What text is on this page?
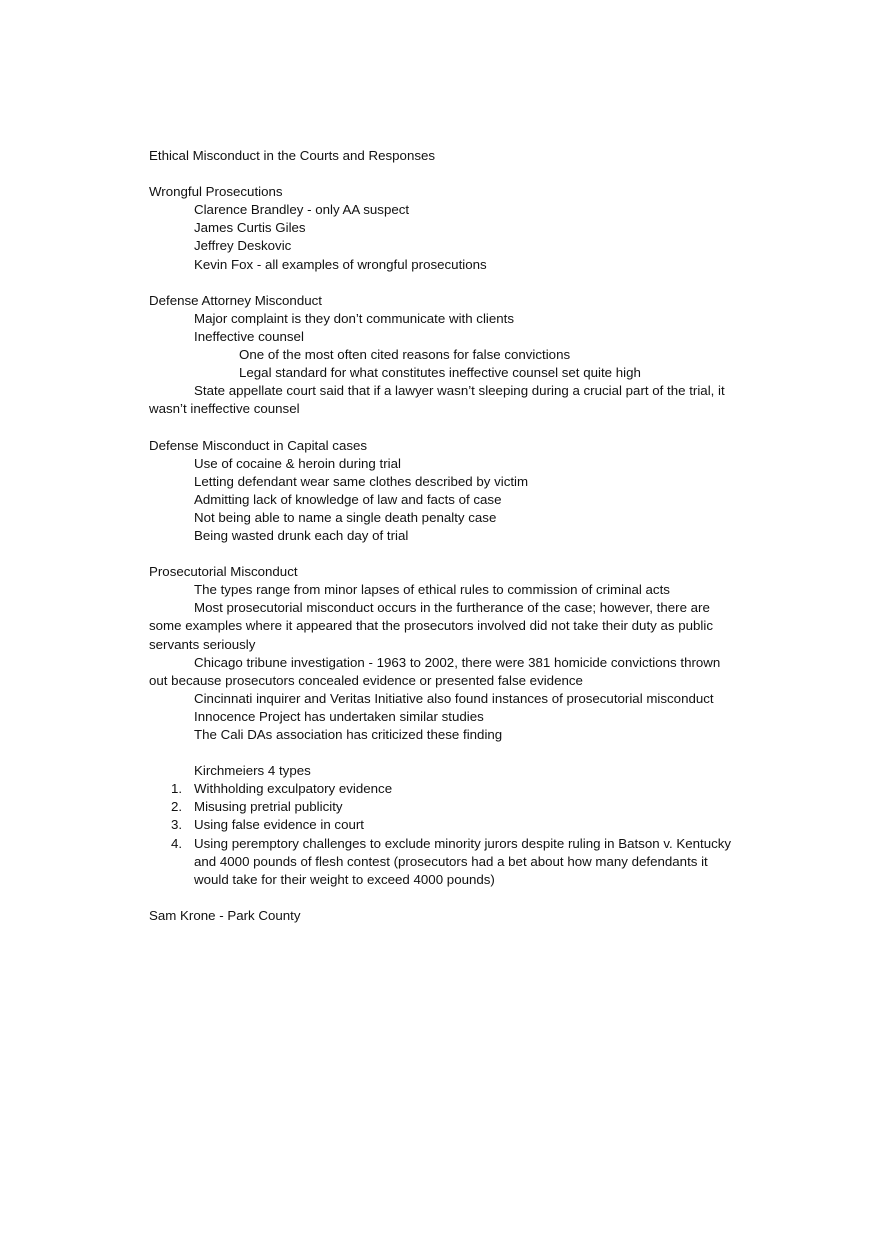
Ethical Misconduct in the Courts and Responses
Wrongful Prosecutions
Clarence Brandley - only AA suspect
James Curtis Giles
Jeffrey Deskovic
Kevin Fox - all examples of wrongful prosecutions
Defense Attorney Misconduct
Major complaint is they don’t communicate with clients
Ineffective counsel
One of the most often cited reasons for false convictions
Legal standard for what constitutes ineffective counsel set quite high

State appellate court said that if a lawyer wasn’t sleeping during a crucial part of the trial, it wasn’t ineffective counsel

Defense Misconduct in Capital cases
Use of cocaine & heroin during trial
Letting defendant wear same clothes described by victim
Admitting lack of knowledge of law and facts of case
Not being able to name a single death penalty case
Being wasted drunk each day of trial
Prosecutorial Misconduct

The types range from minor lapses of ethical rules to commission of criminal acts

Most prosecutorial misconduct occurs in the furtherance of the case; however, there are some examples where it appeared that the prosecutors involved did not take their duty as public servants seriously

Chicago tribune investigation - 1963 to 2002, there were 381 homicide convictions thrown out because prosecutors concealed evidence or presented false evidence

Cincinnati inquirer and Veritas Initiative also found instances of prosecutorial misconduct
Innocence Project has undertaken similar studies
The Cali DAs association has criticized these finding
Kirchmeiers 4 types
1. Withholding exculpatory evidence
2. Misusing pretrial publicity
3. Using false evidence in court
4. Using peremptory challenges to exclude minority jurors despite ruling in Batson v. Kentucky and 4000 pounds of flesh contest (prosecutors had a bet about how many defendants it would take for their weight to exceed 4000 pounds)
Sam Krone - Park County
